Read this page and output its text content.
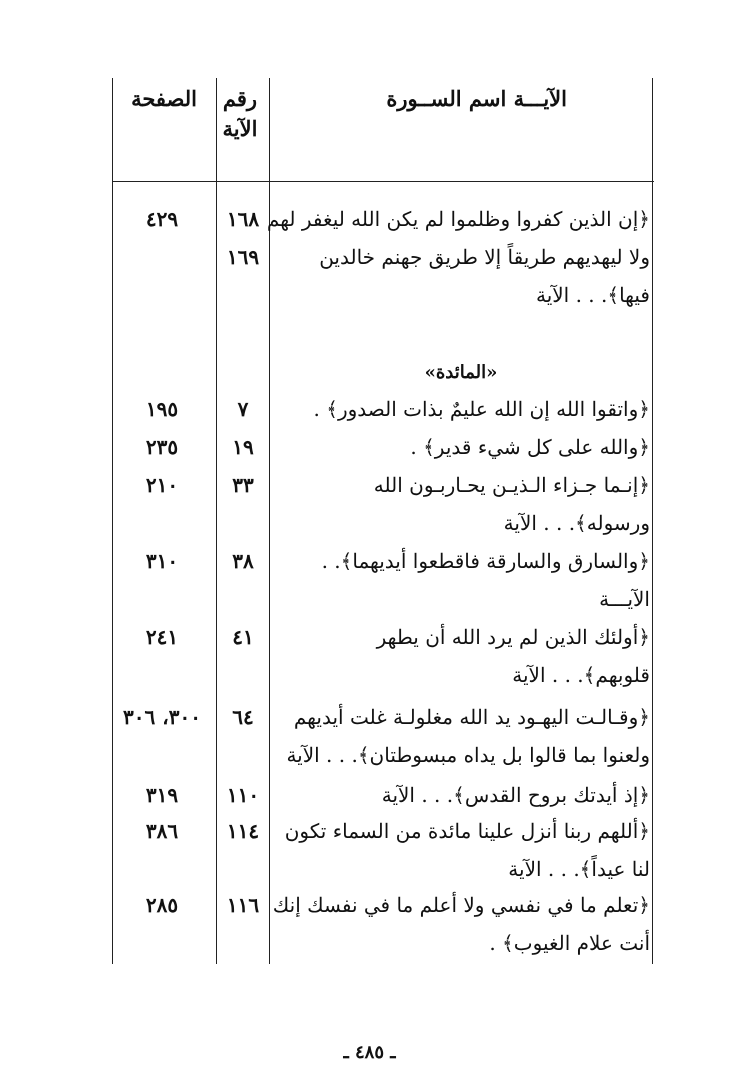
الآيـــة اسم الســورة
رقم
الآية
الصفحة
﴿إن الذين كفروا وظلموا لم يكن الله ليغفر لهم
ولا ليهديهم طريقاً إلا طريق جهنم خالدين
فيها﴾. . . الآية
١٦٨
١٦٩
٤٢٩
«المائدة»
﴿واتقوا الله إن الله عليمٌ بذات الصدور﴾ .
٧
١٩٥
﴿والله على كل شيء قدير﴾ .
١٩
٢٣٥
﴿إنـما جـزاء الـذيـن يحـاربـون الله
ورسوله﴾. . . الآية
٣٣
٢١٠
﴿والسارق والسارقة فاقطعوا أيديهما﴾. .
الآيـــة
٣٨
٣١٠
﴿أولئك الذين لم يرد الله أن يطهر
قلوبهم﴾. . . الآية
٤١
٢٤١
﴿وقـالـت اليهـود يد الله مغلولـة غلت أيديهم
ولعنوا بما قالوا بل يداه مبسوطتان﴾. . . الآية
٦٤
٣٠٠، ٣٠٦
﴿إذ أيدتك بروح القدس﴾. . . الآية
١١٠
٣١٩
﴿أللهم ربنا أنزل علينا مائدة من السماء تكون
لنا عيداً﴾. . . الآية
١١٤
٣٨٦
﴿تعلم ما في نفسي ولا أعلم ما في نفسك إنك
أنت علام الغيوب﴾ .
١١٦
٢٨٥
ـ ٤٨٥ ـ
